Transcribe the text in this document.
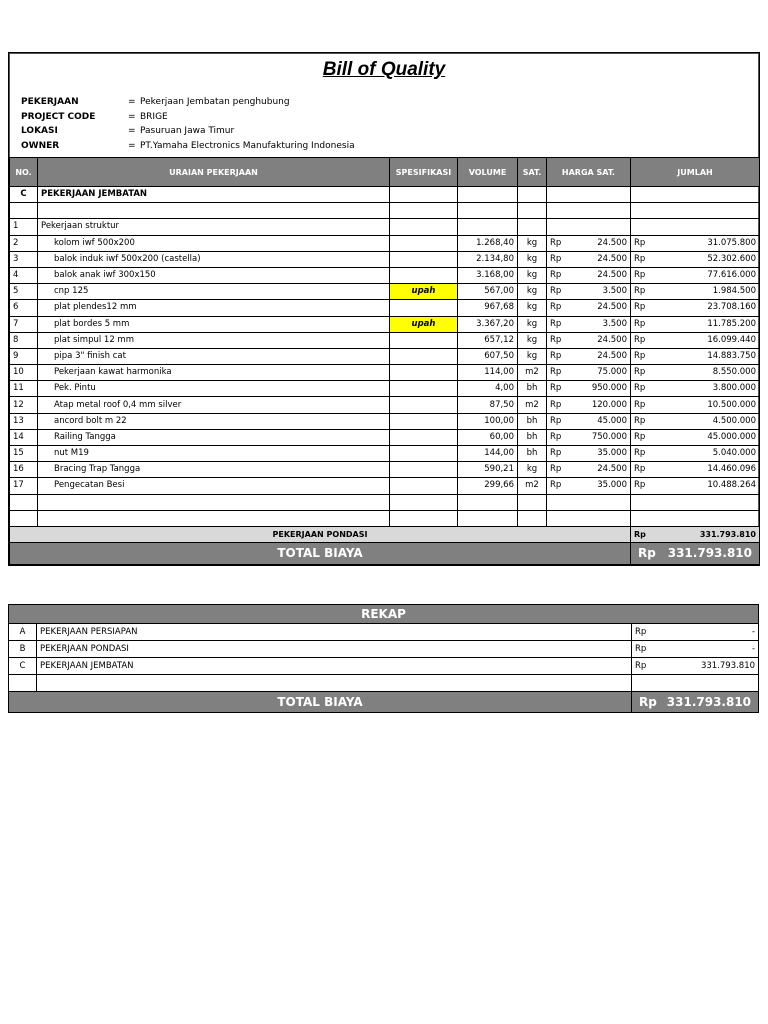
Bill of Quality
PEKERJAAN	= Pekerjaan Jembatan penghubung
PROJECT CODE	= BRIGE
LOKASI	= Pasuruan Jawa Timur
OWNER	= PT.Yamaha Electronics Manufakturing Indonesia
NO.	URAIAN PEKERJAAN	SPESIFIKASI	VOLUME	SAT.	HARGA SAT.	JUMLAH
C	PEKERJAAN JEMBATAN					

1	Pekerjaan struktur					
2	kolom iwf 500x200		1.268,40	kg	Rp 24.500	Rp 31.075.800

3	balok induk iwf 500x200 (castella)		2.134,80	kg	Rp 24.500	Rp 52.302.600

4	balok anak iwf 300x150		3.168,00	kg	Rp 24.500	Rp 77.616.000

5	cnp 125	upah	567,00	kg	Rp 3.500	Rp 1.984.500

6	plat plendes12 mm		967,68	kg	Rp 24.500	Rp 23.708.160

7	plat bordes 5 mm	upah	3.367,20	kg	Rp 3.500	Rp 11.785.200

8	plat simpul 12 mm		657,12	kg	Rp 24.500	Rp 16.099.440

9	pipa 3" finish cat		607,50	kg	Rp 24.500	Rp 14.883.750

10	Pekerjaan kawat harmonika		114,00	m2	Rp 75.000	Rp 8.550.000

11	Pek. Pintu		4,00	bh	Rp 950.000	Rp 3.800.000

12	Atap metal roof 0,4 mm silver		87,50	m2	Rp 120.000	Rp 10.500.000

13	ancord bolt m 22		100,00	bh	Rp 45.000	Rp 4.500.000

14	Railing Tangga		60,00	bh	Rp 750.000	Rp 45.000.000

15	nut M19		144,00	bh	Rp 35.000	Rp 5.040.000

16	Bracing Trap Tangga		590,21	kg	Rp 24.500	Rp 14.460.096

17	Pengecatan Besi		299,66	m2	Rp 35.000	Rp 10.488.264

PEKERJAAN PONDASI						Rp 331.793.810

TOTAL BIAYA						Rp 331.793.810
REKAP		
A	PEKERJAAN PERSIAPAN	Rp -

B	PEKERJAAN PONDASI	Rp -

C	PEKERJAAN JEMBATAN	Rp 331.793.810

TOTAL BIAYA		Rp 331.793.810
